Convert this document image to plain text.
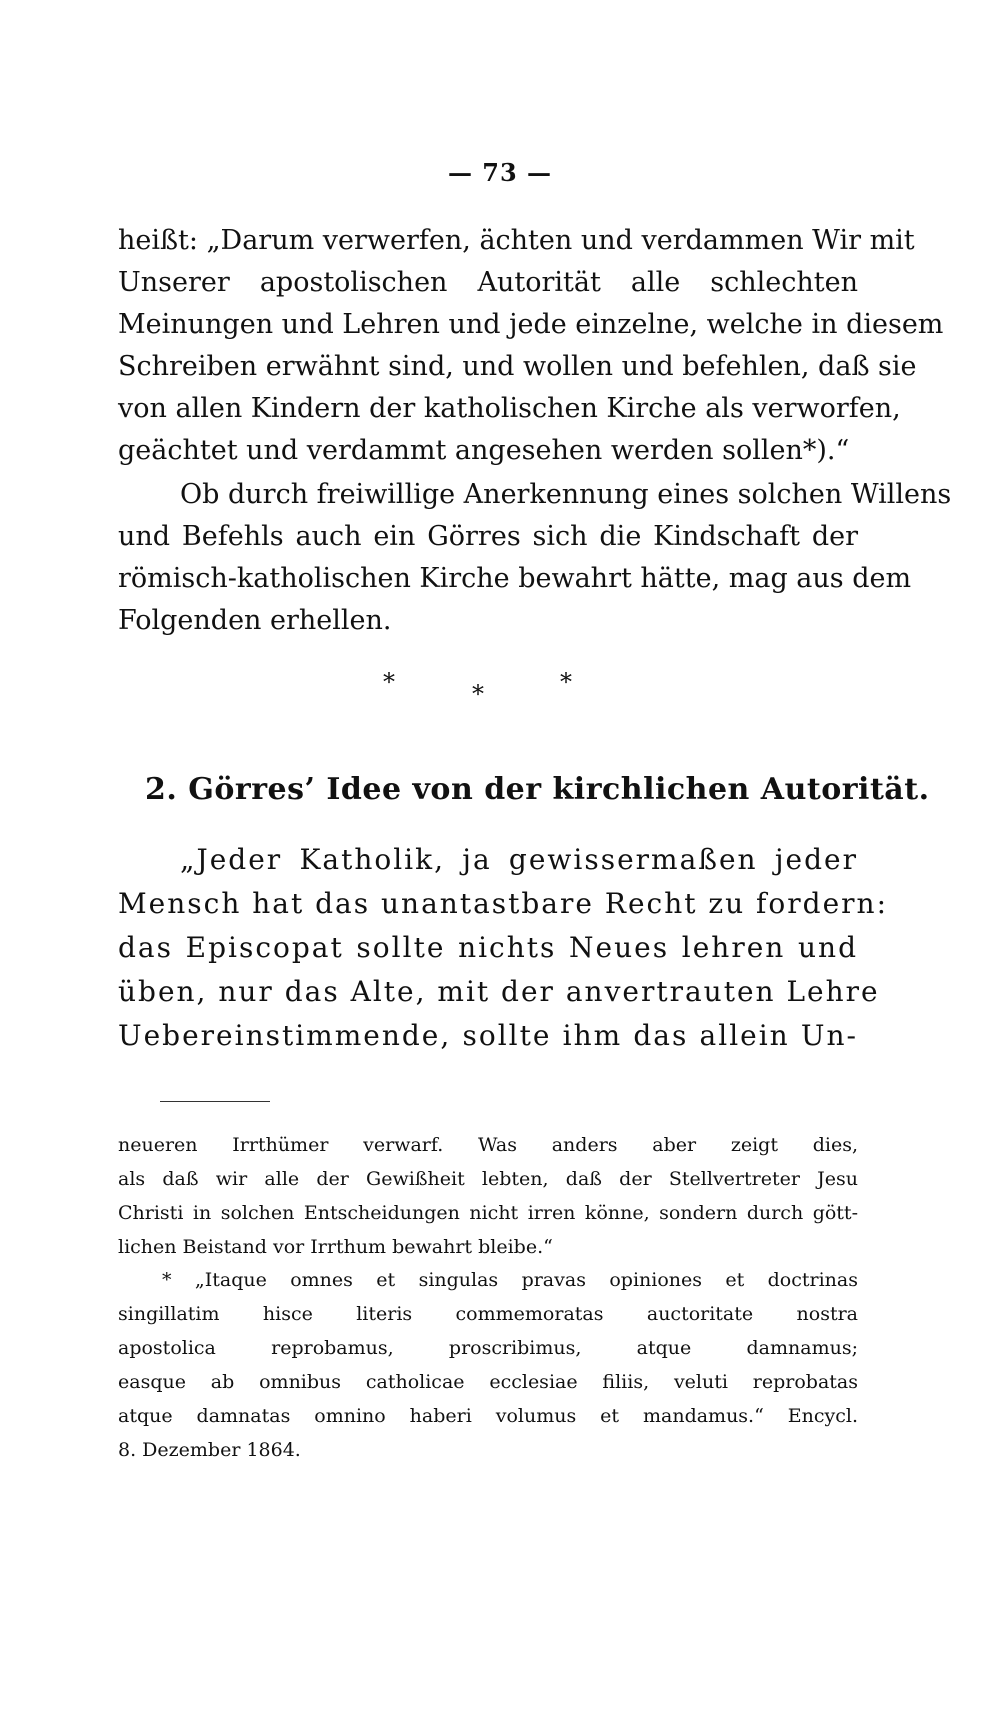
— 73 —
heißt: „Darum verwerfen, ächten und verdammen Wir mit
Unserer apostolischen Autorität alle schlechten
Meinungen und Lehren und jede einzelne, welche in diesem
Schreiben erwähnt sind, und wollen und befehlen, daß sie
von allen Kindern der katholischen Kirche als verworfen,
geächtet und verdammt angesehen werden sollen*).“
Ob durch freiwillige Anerkennung eines solchen Willens
und Befehls auch ein Görres sich die Kindschaft der
römisch-katholischen Kirche bewahrt hätte, mag aus dem
Folgenden erhellen.
*	*	*
2. Görres’ Idee von der kirchlichen Autorität.
„Jeder Katholik, ja gewissermaßen jeder
Mensch hat das unantastbare Recht zu fordern:
das Episcopat sollte nichts Neues lehren und
üben, nur das Alte, mit der anvertrauten Lehre
Uebereinstimmende, sollte ihm das allein Un-
neueren Irrthümer verwarf. Was anders aber zeigt dies,
als daß wir alle der Gewißheit lebten, daß der Stellvertreter Jesu
Christi in solchen Entscheidungen nicht irren könne, sondern durch gött-
lichen Beistand vor Irrthum bewahrt bleibe.“
* „Itaque omnes et singulas pravas opiniones et doctrinas
singillatim hisce literis commemoratas auctoritate nostra
apostolica reprobamus, proscribimus, atque damnamus;
easque ab omnibus catholicae ecclesiae filiis, veluti reprobatas
atque damnatas omnino haberi volumus et mandamus.“ Encycl.
8. Dezember 1864.
